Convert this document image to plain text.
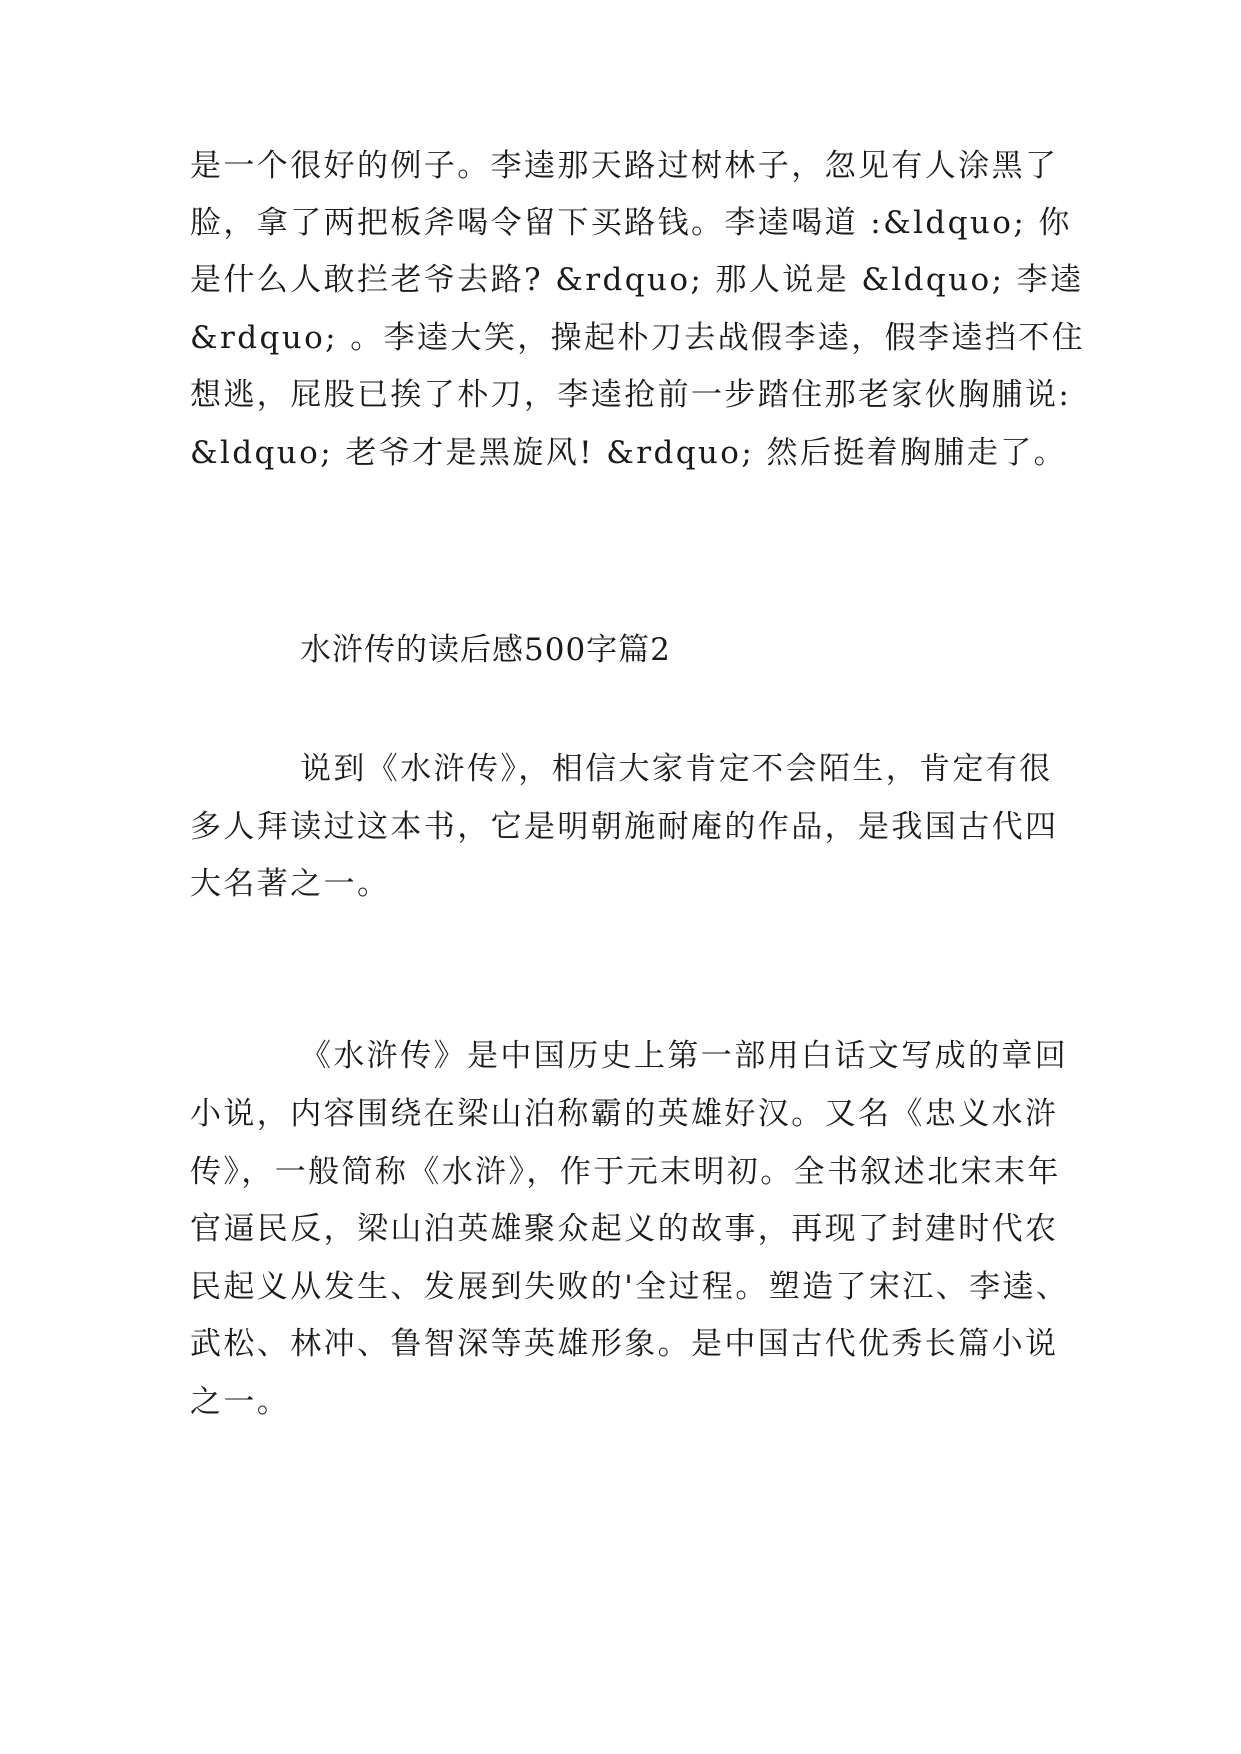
是一个很好的例子。李逵那天路过树林子，忽见有人涂黑了
脸，拿了两把板斧喝令留下买路钱。李逵喝道 :&ldquo; 你
是什么人敢拦老爷去路? &rdquo; 那人说是 &ldquo; 李逵
&rdquo; 。李逵大笑，操起朴刀去战假李逵，假李逵挡不住
想逃，屁股已挨了朴刀，李逵抢前一步踏住那老家伙胸脯说:
&ldquo; 老爷才是黑旋风! &rdquo; 然后挺着胸脯走了。
水浒传的读后感500字篇2
说到《水浒传》，相信大家肯定不会陌生，肯定有很
多人拜读过这本书，它是明朝施耐庵的作品，是我国古代四
大名著之一。
《水浒传》是中国历史上第一部用白话文写成的章回
小说，内容围绕在梁山泊称霸的英雄好汉。又名《忠义水浒
传》，一般简称《水浒》，作于元末明初。全书叙述北宋末年
官逼民反，梁山泊英雄聚众起义的故事，再现了封建时代农
民起义从发生、发展到失败的'全过程。塑造了宋江、李逵、
武松、林冲、鲁智深等英雄形象。是中国古代优秀长篇小说
之一。
